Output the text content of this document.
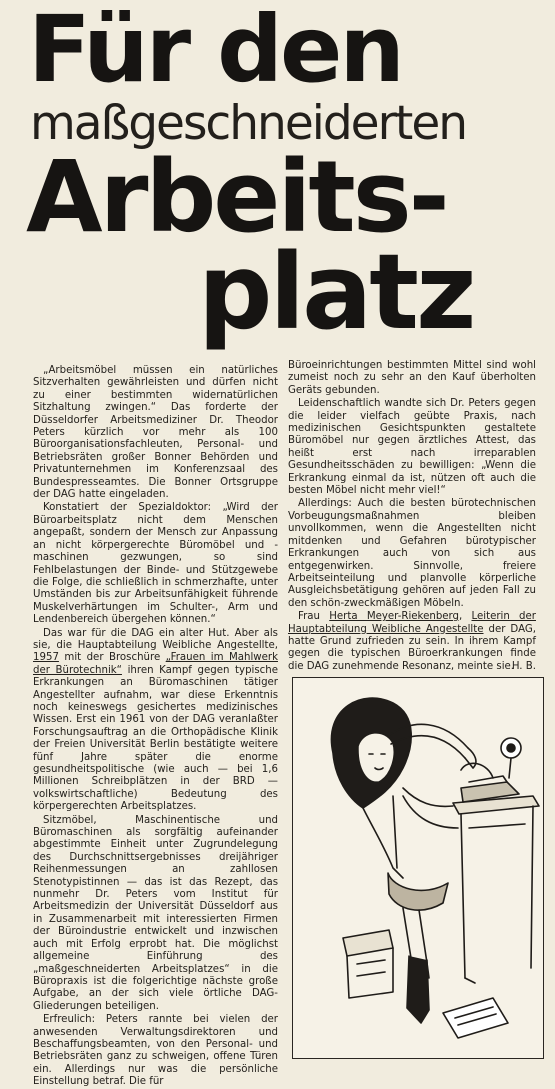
Für den
maßgeschneiderten
Arbeits-
platz

„Arbeitsmöbel müssen ein natürliches Sitzverhalten gewährleisten und dürfen nicht zu einer bestimmten widernatürlichen Sitzhaltung zwingen.“ Das forderte der Düsseldorfer Arbeitsmediziner Dr. Theodor Peters kürzlich vor mehr als 100 Büroorganisationsfachleuten, Personal- und Betriebsräten großer Bonner Behörden und Privatunternehmen im Konferenzsaal des Bundespresseamtes. Die Bonner Ortsgruppe der DAG hatte eingeladen.

Konstatiert der Spezialdoktor: „Wird der Büroarbeitsplatz nicht dem Menschen angepaßt, sondern der Mensch zur Anpassung an nicht körpergerechte Büromöbel und -maschinen gezwungen, so sind Fehlbelastungen der Binde- und Stützgewebe die Folge, die schließlich in schmerzhafte, unter Umständen bis zur Arbeitsunfähigkeit führende Muskelverhärtungen im Schulter-, Arm und Lendenbereich übergehen können.“

Das war für die DAG ein alter Hut. Aber als sie, die Hauptabteilung Weibliche Angestellte, 1957 mit der Broschüre „Frauen im Mahlwerk der Bürotechnik“ ihren Kampf gegen typische Erkrankungen an Büromaschinen tätiger Angestellter aufnahm, war diese Erkenntnis noch keineswegs gesichertes medizinisches Wissen. Erst ein 1961 von der DAG veranlaßter Forschungsauftrag an die Orthopädische Klinik der Freien Universität Berlin bestätigte weitere fünf Jahre später die enorme gesundheitspolitische (wie auch — bei 1,6 Millionen Schreibplätzen in der BRD — volkswirtschaftliche) Bedeutung des körpergerechten Arbeitsplatzes.

Sitzmöbel, Maschinentische und Büromaschinen als sorgfältig aufeinander abgestimmte Einheit unter Zugrundelegung des Durchschnittsergebnisses dreijähriger Reihenmessungen an zahllosen Stenotypistinnen — das ist das Rezept, das nunmehr Dr. Peters vom Institut für Arbeitsmedizin der Universität Düsseldorf aus in Zusammenarbeit mit interessierten Firmen der Büroindustrie entwickelt und inzwischen auch mit Erfolg erprobt hat. Die möglichst allgemeine Einführung des „maßgeschneiderten Arbeitsplatzes“ in die Büropraxis ist die folgerichtige nächste große Aufgabe, an der sich viele örtliche DAG-Gliederungen beteiligen.

Erfreulich: Peters rannte bei vielen der anwesenden Verwaltungsdirektoren und Beschaffungsbeamten, von den Personal- und Betriebsräten ganz zu schweigen, offene Türen ein. Allerdings nur was die persönliche Einstellung betraf. Die für

Büroeinrichtungen bestimmten Mittel sind wohl zumeist noch zu sehr an den Kauf überholten Geräts gebunden.

Leidenschaftlich wandte sich Dr. Peters gegen die leider vielfach geübte Praxis, nach medizinischen Gesichtspunkten gestaltete Büromöbel nur gegen ärztliches Attest, das heißt erst nach irreparablen Gesundheitsschäden zu bewilligen: „Wenn die Erkrankung einmal da ist, nützen oft auch die besten Möbel nicht mehr viel!“

Allerdings: Auch die besten bürotechnischen Vorbeugungsmaßnahmen bleiben unvollkommen, wenn die Angestellten nicht mitdenken und Gefahren bürotypischer Erkrankungen auch von sich aus entgegenwirken. Sinnvolle, freiere Arbeitseinteilung und planvolle körperliche Ausgleichsbetätigung gehören auf jeden Fall zu den schön-zweckmäßigen Möbeln.

Frau Herta Meyer-Riekenberg, Leiterin der Hauptabteilung Weibliche Angestellte der DAG, hatte Grund zufrieden zu sein. In ihrem Kampf gegen die typischen Büroerkrankungen finde die DAG zunehmende Resonanz, meinte sie.

H. B.
